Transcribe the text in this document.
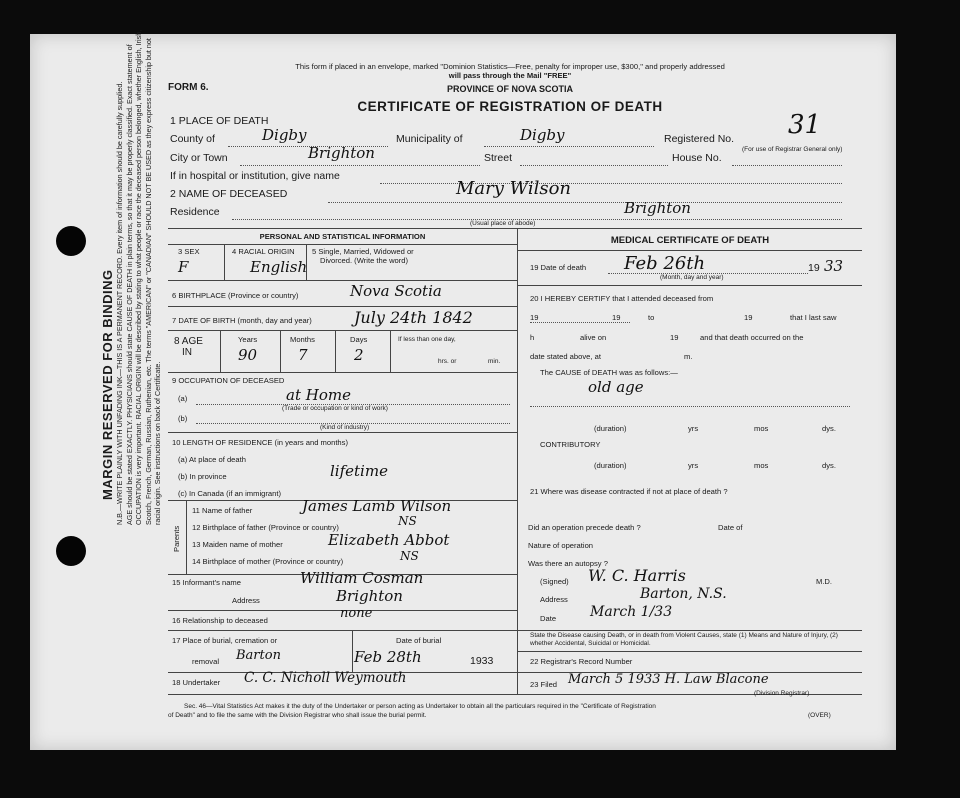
MARGIN RESERVED FOR BINDING N.B.—WRITE PLAINLY WITH UNFADING INK—THIS IS A PERMANENT RECORD. Every item of information should be carefully supplied. AGE should be stated EXACTLY. PHYSICIANS should state CAUSE OF DEATH in plain terms, so that it may be properly classified. Exact statement of OCCUPATION is very important. RACIAL ORIGIN will be described by stating to what people or race the deceased person belonged, whether English, Irish, Scotch, French, German, Russian, Ruthenian, etc. The terms "AMERICAN" or "CANADIAN" SHOULD NOT BE USED as they express citizenship but not racial origin. See instructions on back of Certificate.
This form if placed in an envelope, marked "Dominion Statistics—Free, penalty for improper use, $300," and properly addressed
will pass through the Mail "FREE"
FORM 6.	PROVINCE OF NOVA SCOTIA
CERTIFICATE OF REGISTRATION OF DEATH
1 PLACE OF DEATH
County of	Digby	Municipality of	Digby	Registered No. 31
(For use of Registrar General only)
City or Town	Brighton	Street	House No.
If in hospital or institution, give name
2 NAME OF DECEASED	Mary Wilson
Residence	Brighton
(Usual place of abode)
PERSONAL AND STATISTICAL INFORMATION
3 SEX
F
4 RACIAL ORIGIN
English
5 Single, Married, Widowed or
Divorced. (Write the word)
6 BIRTHPLACE (Province or country)	Nova Scotia
7 DATE OF BIRTH (month, day and year)	July 24th 1842
8 AGE
IN
Years
90
Months
7
Days
2
If less than one day,
hrs. or	min.
9 OCCUPATION OF DECEASED
(a)	at Home
(Trade or occupation or kind of work)
(b)
(Kind of industry)
10 LENGTH OF RESIDENCE (in years and months)
(a) At place of death
(b) In province	lifetime
(c) In Canada (if an immigrant)
Parents
11 Name of father	James Lamb Wilson
12 Birthplace of father (Province or country)	NS
13 Maiden name of mother	Elizabeth Abbot
14 Birthplace of mother (Province or country)	NS
15 Informant's name	William Cosman
Address	Brighton
16 Relationship to deceased	none
17 Place of burial, cremation or
removal Barton
Date of burial
Feb 28th	1933
18 Undertaker C. C. Nicholl Weymouth
MEDICAL CERTIFICATE OF DEATH
19 Date of death Feb 26th
(Month, day and year)
19 33
20 I HEREBY CERTIFY that I attended deceased from
19	19	to	19	that I last saw
h	alive on	19	and that death occurred on the
date stated above, at	m.
The CAUSE of DEATH was as follows:—
old age
(duration)	yrs	mos	dys.
CONTRIBUTORY
(duration)	yrs	mos	dys.
21 Where was disease contracted if not at place of death ?
Did an operation precede death ?	Date of
Nature of operation
Was there an autopsy ?
(Signed) W. C. Harris	M.D.
Address	Barton, N.S.
Date March 1/33
State the Disease causing Death, or in death from Violent Causes, state (1) Means and Nature of Injury, (2) whether Accidental, Suicidal or Homicidal.
22 Registrar's Record Number
23 Filed March 5 1933 H. Law Blacone
(Division Registrar)
Sec. 46—Vital Statistics Act makes it the duty of the Undertaker or person acting as Undertaker to obtain all the particulars required in the "Certificate of Registration
of Death" and to file the same with the Division Registrar who shall issue the burial permit.	(OVER)
